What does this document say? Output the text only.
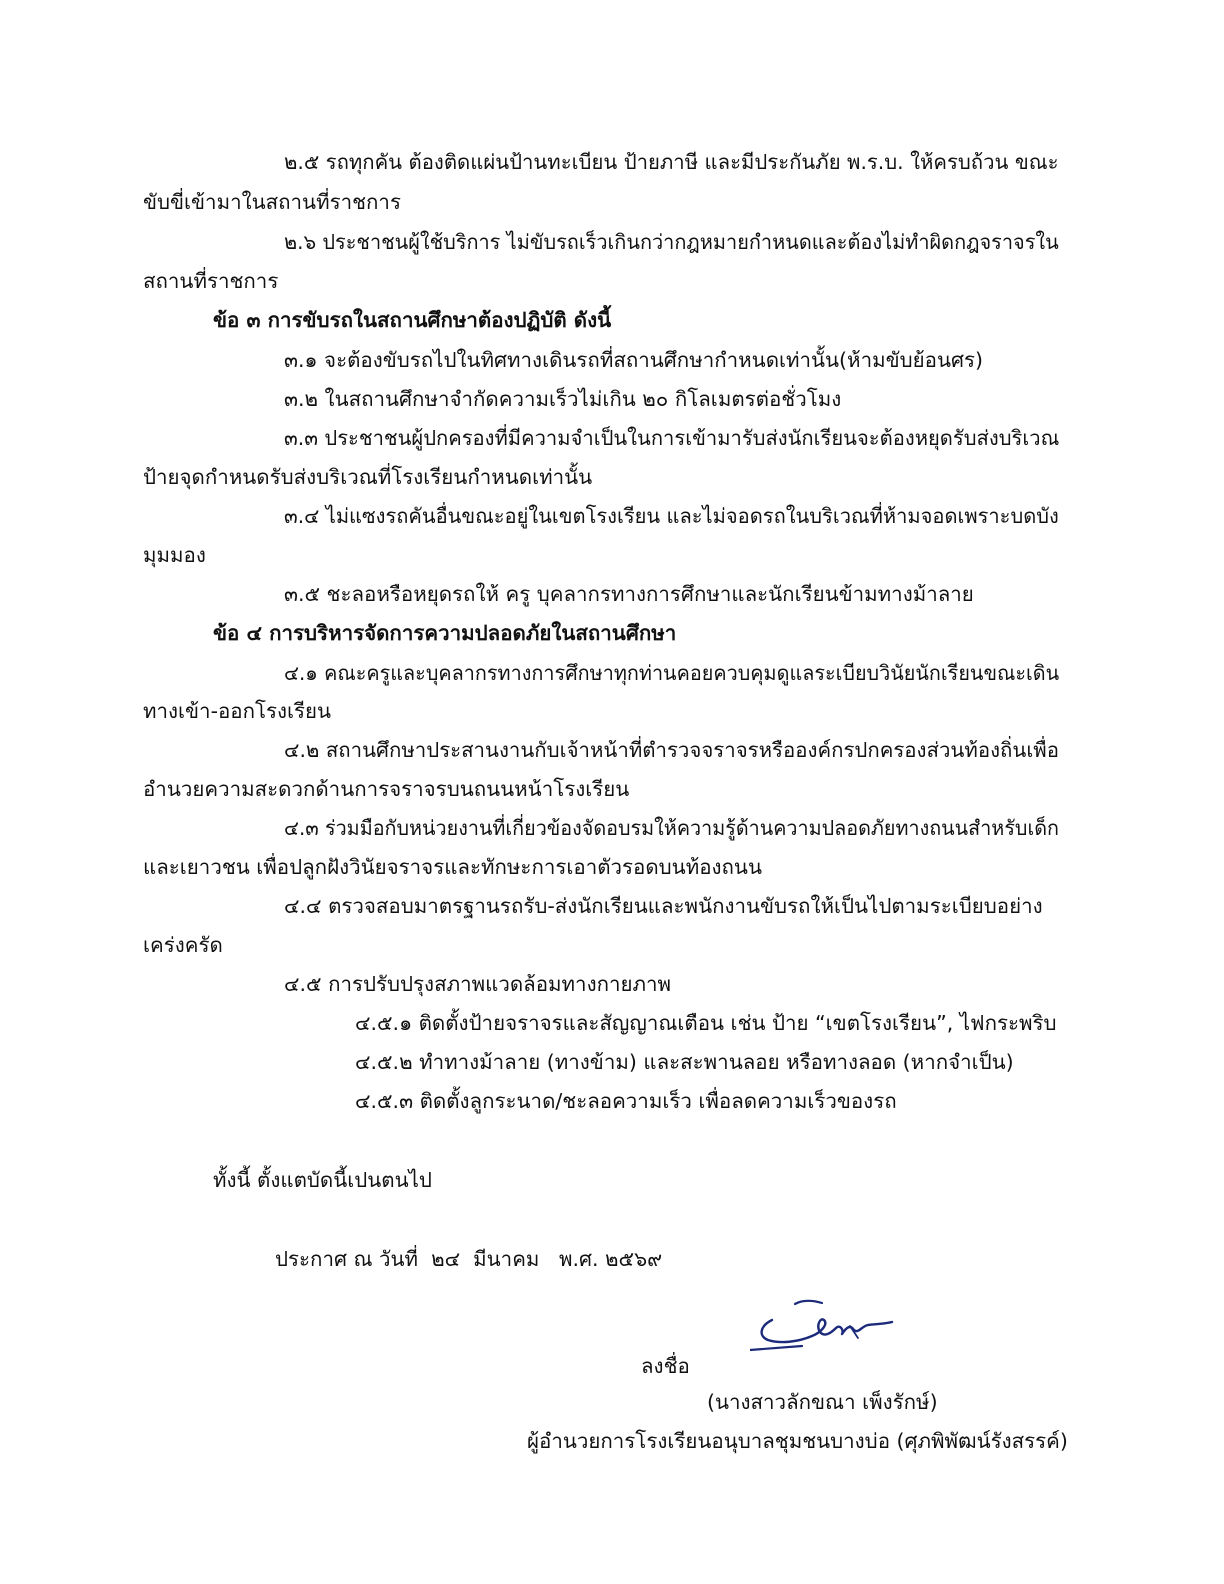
๒.๕ รถทุกคัน ต้องติดแผ่นป้านทะเบียน ป้ายภาษี และมีประกันภัย พ.ร.บ. ให้ครบถ้วน ขณะ
ขับขี่เข้ามาในสถานที่ราชการ
๒.๖ ประชาชนผู้ใช้บริการ ไม่ขับรถเร็วเกินกว่ากฎหมายกำหนดและต้องไม่ทำผิดกฎจราจรใน
สถานที่ราชการ
ข้อ ๓ การขับรถในสถานศึกษาต้องปฏิบัติ ดังนี้
๓.๑ จะต้องขับรถไปในทิศทางเดินรถที่สถานศึกษากำหนดเท่านั้น(ห้ามขับย้อนศร)
๓.๒ ในสถานศึกษาจำกัดความเร็วไม่เกิน ๒๐ กิโลเมตรต่อชั่วโมง
๓.๓ ประชาชนผู้ปกครองที่มีความจำเป็นในการเข้ามารับส่งนักเรียนจะต้องหยุดรับส่งบริเวณ
ป้ายจุดกำหนดรับส่งบริเวณที่โรงเรียนกำหนดเท่านั้น
๓.๔ ไม่แซงรถคันอื่นขณะอยู่ในเขตโรงเรียน และไม่จอดรถในบริเวณที่ห้ามจอดเพราะบดบัง
มุมมอง
๓.๕ ชะลอหรือหยุดรถให้ ครู บุคลากรทางการศึกษาและนักเรียนข้ามทางม้าลาย
ข้อ ๔ การบริหารจัดการความปลอดภัยในสถานศึกษา
๔.๑ คณะครูและบุคลากรทางการศึกษาทุกท่านคอยควบคุมดูแลระเบียบวินัยนักเรียนขณะเดิน
ทางเข้า-ออกโรงเรียน
๔.๒ สถานศึกษาประสานงานกับเจ้าหน้าที่ตำรวจจราจรหรือองค์กรปกครองส่วนท้องถิ่นเพื่อ
อำนวยความสะดวกด้านการจราจรบนถนนหน้าโรงเรียน
๔.๓ ร่วมมือกับหน่วยงานที่เกี่ยวข้องจัดอบรมให้ความรู้ด้านความปลอดภัยทางถนนสำหรับเด็ก
และเยาวชน เพื่อปลูกฝังวินัยจราจรและทักษะการเอาตัวรอดบนท้องถนน
๔.๔ ตรวจสอบมาตรฐานรถรับ-ส่งนักเรียนและพนักงานขับรถให้เป็นไปตามระเบียบอย่าง
เคร่งครัด
๔.๕ การปรับปรุงสภาพแวดล้อมทางกายภาพ
๔.๕.๑ ติดตั้งป้ายจราจรและสัญญาณเตือน เช่น ป้าย “เขตโรงเรียน”, ไฟกระพริบ
๔.๕.๒ ทำทางม้าลาย (ทางข้าม) และสะพานลอย หรือทางลอด (หากจำเป็น)
๔.๕.๓ ติดตั้งลูกระนาด/ชะลอความเร็ว เพื่อลดความเร็วของรถ
ทั้งนี้ ตั้งแตบัดนี้เปนตนไป
ประกาศ ณ วันที่  ๒๔  มีนาคม   พ.ศ. ๒๕๖๙
ลงชื่อ
(นางสาวลักขณา เพ็งรักษ์)
ผู้อำนวยการโรงเรียนอนุบาลชุมชนบางบ่อ (ศุภพิพัฒน์รังสรรค์)
